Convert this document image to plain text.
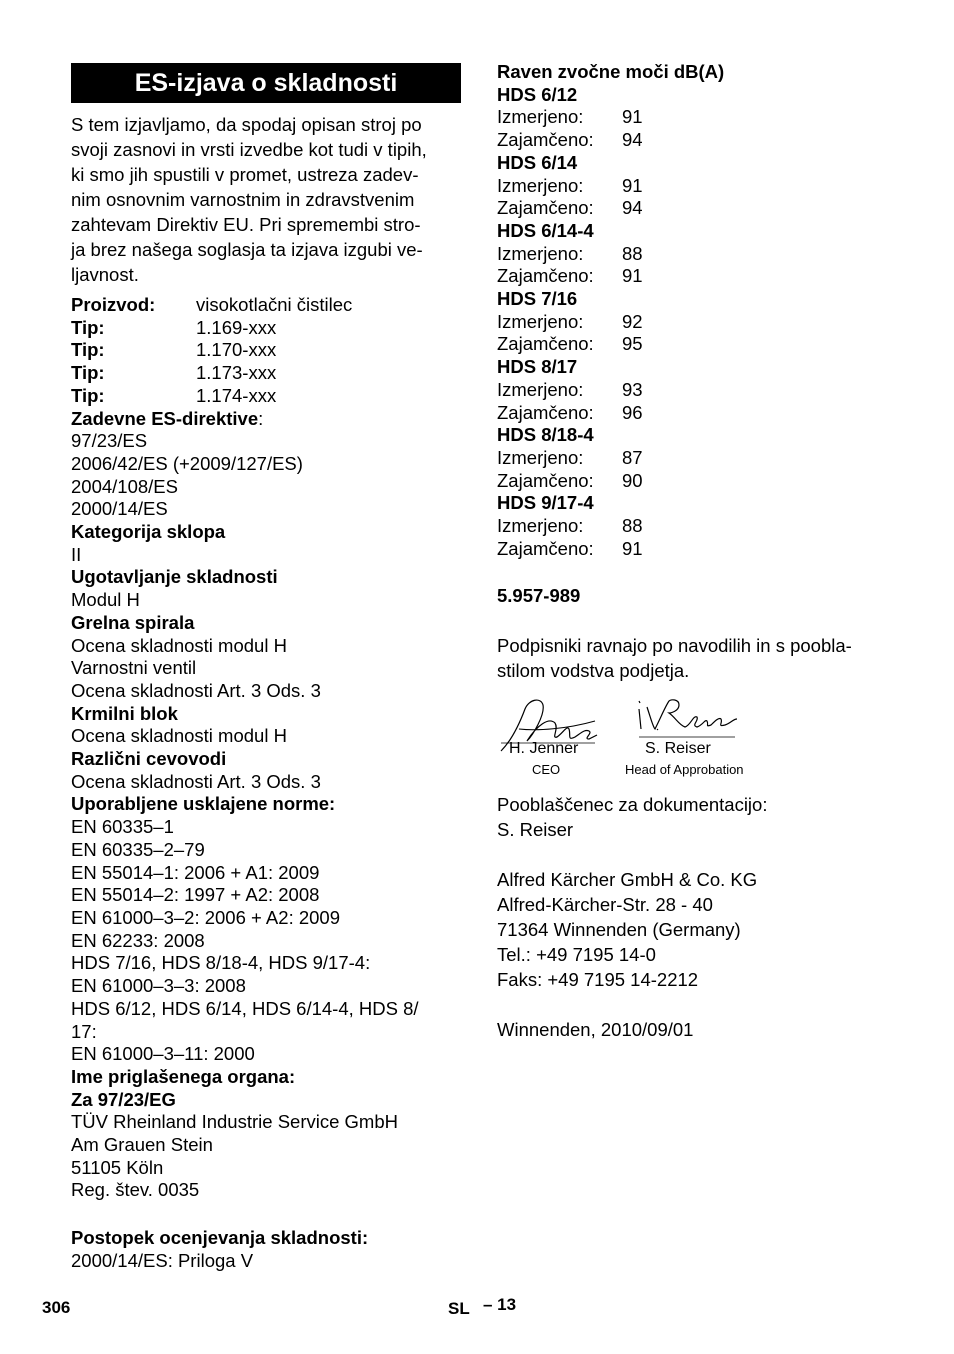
ES-izjava o skladnosti
S tem izjavljamo, da spodaj opisan stroj po
svoji zasnovi in vrsti izvedbe kot tudi v tipih,
ki smo jih spustili v promet, ustreza zadev-
nim osnovnim varnostnim in zdravstvenim
zahtevam Direktiv EU. Pri spremembi stro-
ja brez našega soglasja ta izjava izgubi ve-
ljavnost.
Proizvod:	visokotlačni čistilec
Tip:	1.169-xxx
Tip:	1.170-xxx
Tip:	1.173-xxx
Tip:	1.174-xxx
Zadevne ES-direktive:
97/23/ES
2006/42/ES (+2009/127/ES)
2004/108/ES
2000/14/ES
Kategorija sklopa
II
Ugotavljanje skladnosti
Modul H
Grelna spirala
Ocena skladnosti modul H
Varnostni ventil
Ocena skladnosti Art. 3 Ods. 3
Krmilni blok
Ocena skladnosti modul H
Različni cevovodi
Ocena skladnosti Art. 3 Ods. 3
Uporabljene usklajene norme:
EN 60335–1
EN 60335–2–79
EN 55014–1: 2006 + A1: 2009
EN 55014–2: 1997 + A2: 2008
EN 61000–3–2: 2006 + A2: 2009
EN 62233: 2008
HDS 7/16, HDS 8/18-4, HDS 9/17-4:
EN 61000–3–3: 2008
HDS 6/12, HDS 6/14, HDS 6/14-4, HDS 8/
17:
EN 61000–3–11: 2000
Ime priglašenega organa:
Za 97/23/EG
TÜV Rheinland Industrie Service GmbH
Am Grauen Stein
51105 Köln
Reg. štev. 0035
Postopek ocenjevanja skladnosti:
2000/14/ES: Priloga V
Raven zvočne moči dB(A)
HDS 6/12
Izmerjeno:	91
Zajamčeno:	94
HDS 6/14
Izmerjeno:	91
Zajamčeno:	94
HDS 6/14-4
Izmerjeno:	88
Zajamčeno:	91
HDS 7/16
Izmerjeno:	92
Zajamčeno:	95
HDS 8/17
Izmerjeno:	93
Zajamčeno:	96
HDS 8/18-4
Izmerjeno:	87
Zajamčeno:	90
HDS 9/17-4
Izmerjeno:	88
Zajamčeno:	91
5.957-989
Podpisniki ravnajo po navodilih in s poobla-
stilom vodstva podjetja.
H. Jenner
CEO
S. Reiser
Head of Approbation
Pooblaščenec za dokumentacijo:
S. Reiser
Alfred Kärcher GmbH & Co. KG
Alfred-Kärcher-Str. 28 - 40
71364 Winnenden (Germany)
Tel.: +49 7195 14-0
Faks: +49 7195 14-2212
Winnenden, 2010/09/01
306	SL – 13
